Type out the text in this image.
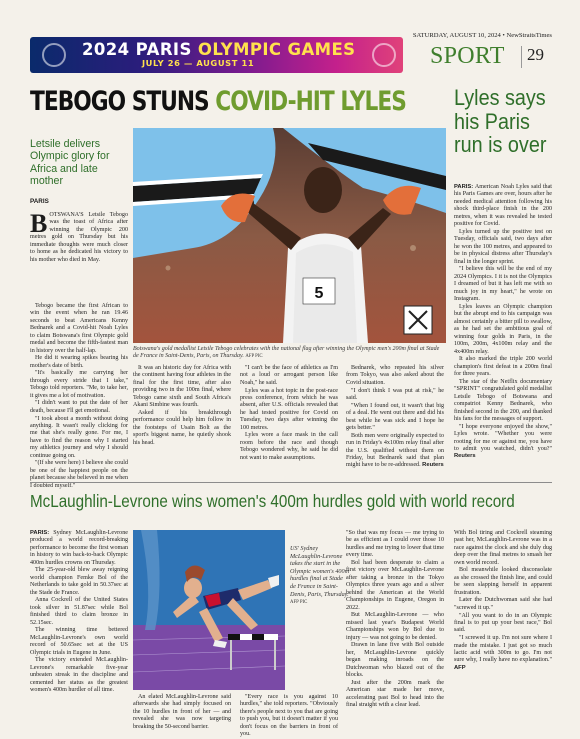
2024 PARIS OLYMPIC GAMES
JULY 26 — AUGUST 11
SATURDAY, AUGUST 10, 2024 • NewStraitsTimes
SPORT 29
TEBOGO STUNS COVID-HIT LYLES
Letsile delivers Olympic glory for Africa and late mother
PARIS
5
Botswana's gold medallist Letsile Tebogo celebrates with the national flag after winning the Olympic men's 200m final at Stade de France in Saint-Denis, Paris, on Thursday. AFP PIC

BOTSWANA'S Letsile Tebogo was the toast of Africa after winning the Olympic 200 metres gold on Thursday but his immediate thoughts were much closer to home as he dedicated his victory to his mother who died in May.

Tebogo became the first African to win the event when he ran 19.46 seconds to beat Americans Kenny Bednarek and a Covid-hit Noah Lyles to claim Botswana's first Olympic gold medal and become the fifth-fastest man in history over the half-lap.

He did it wearing spikes bearing his mother's date of birth.

"It's basically me carrying her through every stride that I take," Tebogo told reporters. "Me, to take her, it gives me a lot of motivation.

"I didn't want to put the date of her death, because I'll get emotional.

"I took about a month without doing anything. It wasn't really clicking for me that she's really gone. For me, I have to find the reason why I started my athletics journey and why I should continue going on.

"(If she were here) I believe she could be one of the happiest people on the planet because she believed in me when I doubted myself."

It was an historic day for Africa with the continent having four athletes in the final for the first time, after also providing two in the 100m final, where Tebogo came sixth and South Africa's Akani Simbine was fourth.

Asked if his breakthrough performance could help him follow in the footsteps of Usain Bolt as the sport's biggest name, he quietly shook his head.

"I can't be the face of athletics as I'm not a loud or arrogant person like Noah," he said.

Lyles was a hot topic in the post-race press conference, from which he was absent, after U.S. officials revealed that he had tested positive for Covid on Tuesday, two days after winning the 100 metres.

Lyles wore a face mask in the call room before the race and though Tebogo wondered why, he said he did not want to make assumptions.

Bednarek, who repeated his silver from Tokyo, was also asked about the Covid situation.

"I don't think I was put at risk," he said.

"When I found out, it wasn't that big of a deal. He went out there and did his best while he was sick and I hope he gets better."

Both men were originally expected to run in Friday's 4x100m relay final after the U.S. qualified without them on Friday, but Bednarek said that plan might have to be re-addressed. Reuters

Lyles says his Paris run is over

PARIS: American Noah Lyles said that his Paris Games are over, hours after he needed medical attention following his shock third-place finish in the 200 metres, when it was revealed he tested positive for Covid.

Lyles turned up the positive test on Tuesday, officials said, two days after he won the 100 metres, and appeared to be in physical distress after Thursday's final in the longer sprint.

"I believe this will be the end of my 2024 Olympics. I it is not the Olympics I dreamed of but it has left me with so much joy in my heart," he wrote on Instagram.

Lyles leaves an Olympic champion but the abrupt end to his campaign was almost certainly a bitter pill to swallow, as he had set the ambitious goal of winning four golds in Paris, in the 100m, 200m, 4x100m relay and the 4x400m relay.

It also marked the triple 200 world champion's first defeat in a 200m final for three years.

The star of the Netflix documentary "SPRINT" congratulated gold medallist Letsile Tebogo of Botswana and compatriot Kenny Bednarek, who finished second in the 200, and thanked his fans for the messages of support.

"I hope everyone enjoyed the show," Lyles wrote. "Whether you were rooting for me or against me, you have to admit you watched, didn't you?" Reuters

McLaughlin-Levrone wins women's 400m hurdles gold with world record

PARIS: Sydney McLaughlin-Levrone produced a world record-breaking performance to become the first woman in history to win back-to-back Olympic 400m hurdles crowns on Thursday.

The 25-year-old blew away reigning world champion Femke Bol of the Netherlands to take gold in 50.37sec at the Stade de France.

Anna Cockrell of the United States took silver in 51.87sec while Bol finished third to claim bronze in 52.15sec.

The winning time bettered McLaughlin-Levrone's own world record of 50.65sec set at the US Olympic trials in Eugene in June.

The victory extended McLaughlin-Levrone's remarkable five-year unbeaten streak in the discipline and cemented her status as the greatest women's 400m hurdler of all time.

US' Sydney McLaughlin-Levrone takes the start in the Olympic women's 400m hurdles final at Stade de France in Saint-Denis, Paris, Thursday. AFP PIC

An elated McLaughlin-Levrone said afterwards she had simply focused on the 10 hurdles in front of her — and revealed she was now targeting breaking the 50-second barrier.

"Every race is you against 10 hurdles," she told reporters. "Obviously there's people next to you that are going to push you, but it doesn't matter if you don't focus on the barriers in front of you.

"So that was my focus — me trying to be as efficient as I could over those 10 hurdles and me trying to lower that time every time.

Bol had been desperate to claim a first victory over McLaughlin-Levrone after taking a bronze in the Tokyo Olympics three years ago and a silver behind the American at the World Championships in Eugene, Oregon in 2022.

But McLaughlin-Levrone — who missed last year's Budapest World Championships won by Bol due to injury — was not going to be denied.

Drawn in lane five with Bol outside her, McLaughlin-Levrone quickly began making inroads on the Dutchwoman who blazed out of the blocks.

Just after the 200m mark the American star made her move, accelerating past Bol to head into the final straight with a clear lead.

With Bol tiring and Cockrell steaming past her, McLaughlin-Levrone was in a race against the clock and she duly dug deep over the final metres to smash her own world record.

Bol meanwhile looked disconsolate as she crossed the finish line, and could be seen slapping herself in apparent frustration.

Later the Dutchwoman said she had "screwed it up."

"All you want to do in an Olympic final is to put up your best race," Bol said.

"I screwed it up. I'm not sure where I made the mistake. I just got so much lactic acid with 300m to go. I'm not sure why, I really have no explanation." AFP
